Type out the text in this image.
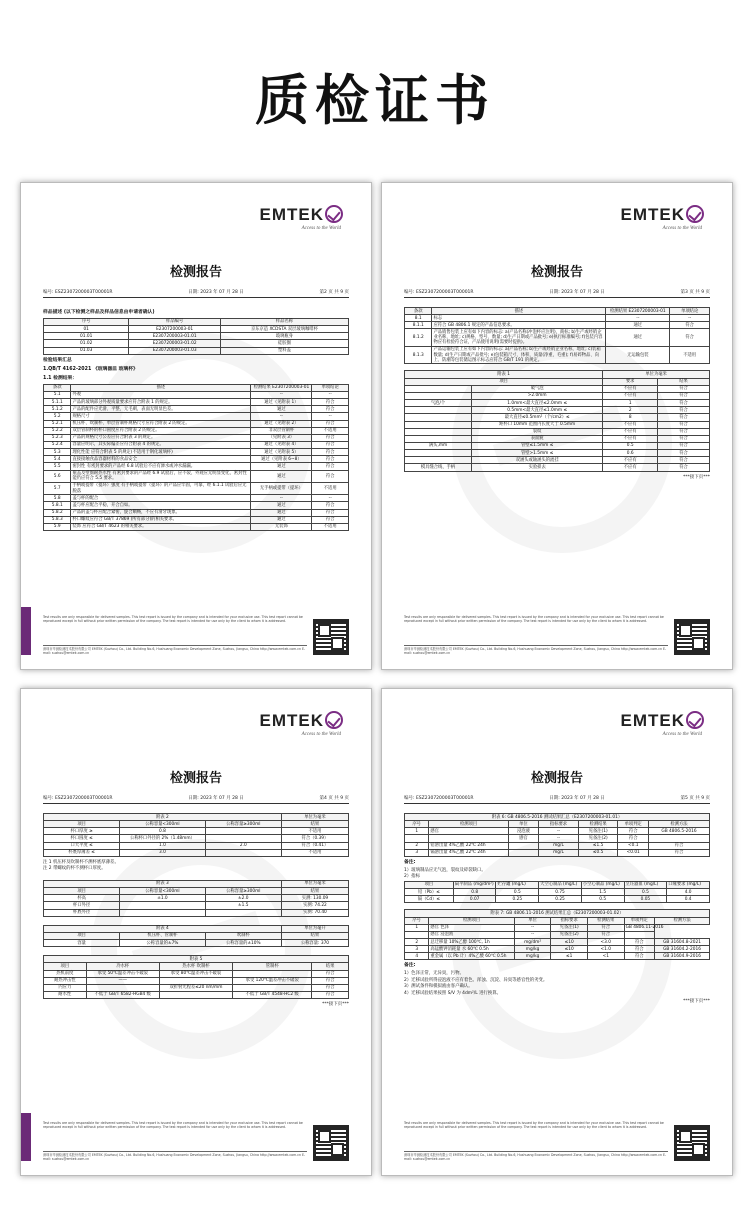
质检证书
EMTEK
Access to the World
检测报告
编号: ESZ2307200003T00001R	日期: 2023 年 07 月 28 日	第2 页 共 9 页
样品描述 (以下检测之样品及样品信息由申请者确认)
序号	样品编号	样品名称
01	E2307200003-01	京东京造 XCDSTA 双层玻璃咖啡杯
01.01	E2307200003-01.01	玻璃瓶身
01.02	E2307200003-01.02	硅胶圈
01.03	E2307200003-01.03	塑料盖
检验结果汇总
1.QB/T 4162-2021 《玻璃器皿 玻璃杯》
1.1 检测结果：
条款	描述	检测结果 E2307200003-01	单项结论
5.1	外观	--	--
5.1.1	产品的玻璃部分外观质量要求应符合附表 1 的规定。	通过（见附表 1）	符合
5.1.2	产品的配件应光滑、平整，无毛刺，表面无明显色差。	通过	符合
5.2	规格尺寸	--	--
5.2.1	机压杯、吹制杯、单层管制杯规格尺寸应符合附表 2 的规定。	通过（见附表 2）	符合
5.2.2	双层管制杯的杯口圆度应符合附表 2 的规定。	非双层管制杯	不适用
5.2.3	产品的规格尺寸公差应符合附表 3 的规定。	（见附表 3）	符合
5.2.4	容量应明示，其实际偏差应符合附表 4 的规定。	通过（见附表 4）	符合
5.3	理化性能 应符合附表 5 的规定(不适用于钢化玻璃杯)	通过（见附表 5）	符合
5.4	直接接触食品容器材料的食品安全	通过（见附表 6~8）	符合
5.5	密封性 有密封要求的产品经 6.8 试验后不应有渗水或冲水漏漏。	通过	符合
5.6	瓶盖及壁圈耐热水性 有密封要求的产品经 6.9 试验后，应不裂、外观应无明显变化，密封性能仍应符合 5.5 要求。	通过	符合
5.7	手柄或提带（提环）强度 有手柄或提带（提环）的产品应牢固，可靠，经 6.1.1 试验后应无脱落	无手柄或提带（提环）	不适用
5.8	盖与杯的配合	--	--
5.8.1	盖与杯应配合平稳，开合自如。	通过	符合
5.8.2	产品的盖与杯应配合紧密，旋合顺畅，不应有滑牙现象。	通过	符合
5.8.3	杯口螺纹应符合 GB/T 37869 (所有部分)的相关要求。	通过	符合
5.9	装饰 应符合 GB/T 4623 的相关要求。	无装饰	不适用
Test results are only responsible for delivered samples. This test report is issued by the company and is intended for your exclusive use. This test report cannot be reproduced except in full without prior written permission of the company. The test report is intended for use only by the client to whom it is addressed.
深圳市华测检测技术股份有限公司 EMTEK (Suzhou) Co., Ltd. Building No.6, Hushuang Economic Development Zone, Suzhou, Jiangsu, China http://www.emtek.com.cn E-mail: suzhou@emtek.com.cn
EMTEK
Access to the World
检测报告
编号: ESZ2307200003T00001R	日期: 2023 年 07 月 28 日	第3 页 共 9 页
条款	描述	检测结果 E2307200003-01	单项结论
8.1	标志	--	--
8.1.1	应符合 GB 4806.1 规定的产品信息要求。	通过	符合
8.1.2	产品销售包装上应有如下内容的标志: a)产品名称(冲泡杯应注明)，商标; b)生产或经销企业名称，地址; c)规格、型号、数量; d)生产日期或产品批号; e)执行标准编号; f)包装内容物应有检验符合证，产品使用说明(需要时提供)。	通过	符合
8.1.3	产品运输包装上应有如下内容的标志: a)产品名称; b)生产或经销企业名称，地址; c)装箱数量; d)生产日期或产品批号; e)包装箱尺寸、体积、质量(净重，毛重); f)易碎物品、向上、防潮等包装储运图示标志应符合 GB/T 191 的规定。	无运输包装	不适用
附表 1		单位为毫米	
项目		要求	结果
	破气泡	不应有	符合
	>2.0mm	不应有	符合
气泡/个	1.0mm<最大直径≤2.0mm ≤	1	符合
	0.5mm<最大直径≤1.0mm ≤	2	符合
	最大直径≤0.5mm²（个/cm2）≤	8	符合
	距杯口 10mm 范围内长度大于 0.5mm	不应有	符合
	裂纹	不应有	符合
	表面疵	不应有	符合
满头,mm	管壁≤1.5mm ≤	0.5	符合
	管壁>1.5mm ≤	0.6	符合
	双涵头或轴涵头的流挂	不应有	符合
模具缝合线、手柄	实验损去	不应有	符合
***接下页***
Test results are only responsible for delivered samples. This test report is issued by the company and is intended for your exclusive use. This test report cannot be reproduced except in full without prior written permission of the company. The test report is intended for use only by the client to whom it is addressed.
深圳市华测检测技术股份有限公司 EMTEK (Suzhou) Co., Ltd. Building No.6, Hushuang Economic Development Zone, Suzhou, Jiangsu, China http://www.emtek.com.cn E-mail: suzhou@emtek.com.cn
EMTEK
Access to the World
检测报告
编号: ESZ2307200003T00001R	日期: 2023 年 07 月 28 日	第4 页 共 9 页
附表 2			单位为毫米
项目	公称容量<300ml	公称容量≥300ml	结果
杯口厚度 ≥	0.8		不适用
杯口圆度 ≤	公称杯口外径的 2%（1.48mm）		符合（0.39）
口大平度 ≤	1.0	2.0	符合（0.41）
杯底厚薄差 ≤	3.0		不适用
注 1 机压杯及吹制杯不测杯底厚薄差。
注 2 带螺纹的杯不测杯口厚度。
附表 3			单位为毫米
项目	公称容量<300ml	公称容量≥300ml	结果
杯高	±1.0	±2.0	实测: 130.09
杯口外径		±1.5	实测: 74.22
杯底外径			实测: 70.40
附表 4			单位为毫升
项目	机压杯、管制杯	吹制杯	结果
容量	公称容量的±7%	公称容量的±10%	公称容量: 370
附表 5				
项目	冷水杯	热水杯 吹制杯	管制杯	结果
热机前度	承受 50℃温差冲击不破裂	承受 80℃温差冲击不破裂		符合
耐热冲击性	——		承受 120℃温差冲击不破裂	符合
内应力		双折射光程差≤20 nm/mm		符合
耐水性	不低于 GB/T 6582-HGB4 级		不低于 GB/T 4548-HC2 级	符合
***接下页***
Test results are only responsible for delivered samples. This test report is issued by the company and is intended for your exclusive use. This test report cannot be reproduced except in full without prior written permission of the company. The test report is intended for use only by the client to whom it is addressed.
深圳市华测检测技术股份有限公司 EMTEK (Suzhou) Co., Ltd. Building No.6, Hushuang Economic Development Zone, Suzhou, Jiangsu, China http://www.emtek.com.cn E-mail: suzhou@emtek.com.cn
EMTEK
Access to the World
检测报告
编号: ESZ2307200003T00001R	日期: 2023 年 07 月 28 日	第5 页 共 9 页
附表 6: GB 4806.5-2016 测试结果汇总（E2307200003-01.01）						
序号	检测项目	单位	指标要求	检测结果	单项判定	检测方法
1	感官	浸泡液	--	见备注(1)	符合	GB 4806.5-2016
		感官	--	见备注(2)	符合	
2	铅溶出量 4%乙酸 22℃ 24h		mg/L	≤1.5	<0.1	符合
3	镉溶出量 4%乙酸 22℃ 24h		mg/L	≤0.5	<0.01	符合
备注:
1）玻璃制品应无气泡，裂纹及碎裂缺口。
2）指标
项目	扁平制品 (mg/dm²)	贮存罐 (mg/L)	大空心制品 (mg/L)	小空心制品 (mg/L)	烹饪器皿 (mg/L)	口缘要求 (mg/L)
铅（Pb）≤	0.8	0.5	0.75	1.5	0.5	4.0
镉（Cd）≤	0.07	0.25	0.25	0.5	0.05	0.4
附表 7: GB 4806.11-2016 测试结果汇总（E2307200003-01.02）						
序号	检测项目	单位	指标要求	检测结果	单项判定	检测方法
1	感官 色泽	--	见备注(1)	符合	GB 4806.11-2016	
	感官 浸泡液	--	见备注(2)	符合		
2	总迁移量 10%乙醇 100℃, 1h	mg/dm²	≤10	<3.0	符合	GB 31604.8-2021
3	高锰酸钾消耗量 水 60℃ 0.5h	mg/kg	≤10	<1.0	符合	GB 31604.2-2016
4	重金属（以 Pb 计）4%乙酸 60℃ 0.5h	mg/kg	≤1	<1	符合	GB 31604.9-2016
备注:
1）色泽正常，无异臭，污物。
2）迁移试验所得浸泡液不应有着色、浑浊、沉淀、异臭等感官性的劣变。
3）测试条件和模拟液由客户确认。
4）迁移试验结果按照 S/V 为 4dm²/L 进行换算。
***接下页***
Test results are only responsible for delivered samples. This test report is issued by the company and is intended for your exclusive use. This test report cannot be reproduced except in full without prior written permission of the company. The test report is intended for use only by the client to whom it is addressed.
深圳市华测检测技术股份有限公司 EMTEK (Suzhou) Co., Ltd. Building No.6, Hushuang Economic Development Zone, Suzhou, Jiangsu, China http://www.emtek.com.cn E-mail: suzhou@emtek.com.cn
